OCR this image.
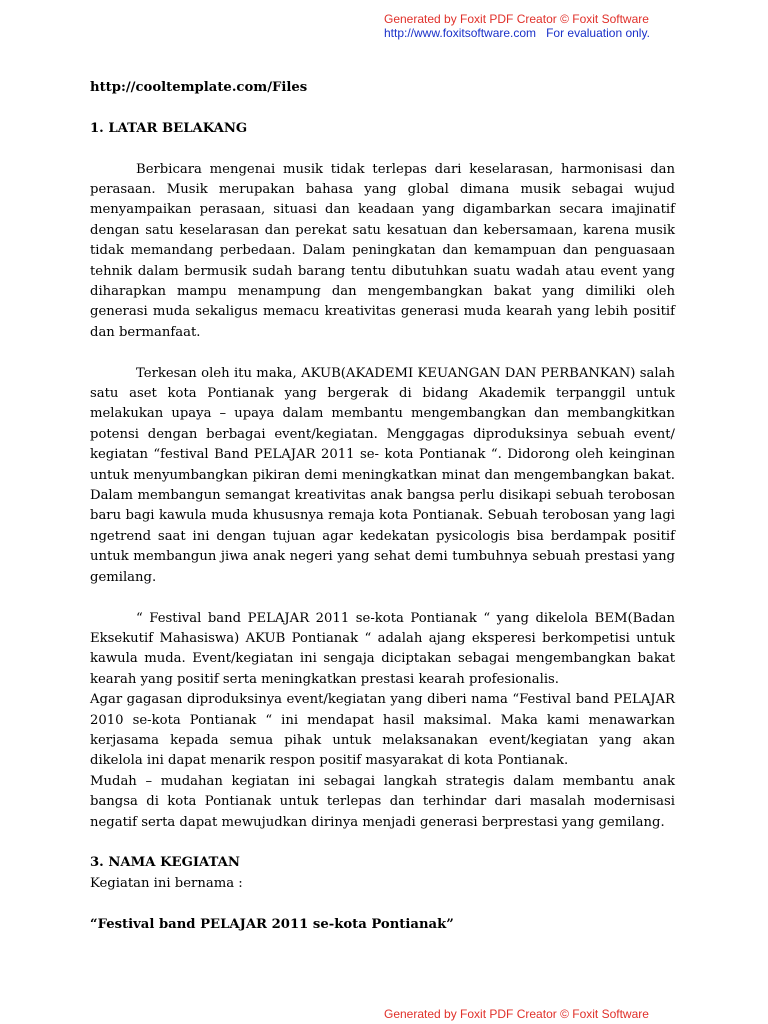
Generated by Foxit PDF Creator © Foxit Software
http://www.foxitsoftware.com For evaluation only.

http://cooltemplate.com/Files

1. LATAR BELAKANG

Berbicara mengenai musik tidak terlepas dari keselarasan, harmonisasi dan perasaan. Musik merupakan bahasa yang global dimana musik sebagai wujud menyampaikan perasaan, situasi dan keadaan yang digambarkan secara imajinatif dengan satu keselarasan dan perekat satu kesatuan dan kebersamaan, karena musik tidak memandang perbedaan. Dalam peningkatan dan kemampuan dan penguasaan tehnik dalam bermusik sudah barang tentu dibutuhkan suatu wadah atau event yang diharapkan mampu menampung dan mengembangkan bakat yang dimiliki oleh generasi muda sekaligus memacu kreativitas generasi muda kearah yang lebih positif dan bermanfaat.

Terkesan oleh itu maka, AKUB(AKADEMI KEUANGAN DAN PERBANKAN) salah satu aset kota Pontianak yang bergerak di bidang Akademik terpanggil untuk melakukan upaya – upaya dalam membantu mengembangkan dan membangkitkan potensi dengan berbagai event/kegiatan. Menggagas diproduksinya sebuah event/ kegiatan “festival Band PELAJAR 2011 se- kota Pontianak “. Didorong oleh keinginan untuk menyumbangkan pikiran demi meningkatkan minat dan mengembangkan bakat. Dalam membangun semangat kreativitas anak bangsa perlu disikapi sebuah terobosan baru bagi kawula muda khususnya remaja kota Pontianak. Sebuah terobosan yang lagi ngetrend saat ini dengan tujuan agar kedekatan pysicologis bisa berdampak positif untuk membangun jiwa anak negeri yang sehat demi tumbuhnya sebuah prestasi yang gemilang.

“ Festival band PELAJAR 2011 se-kota Pontianak “ yang dikelola BEM(Badan Eksekutif Mahasiswa) AKUB Pontianak “ adalah ajang eksperesi berkompetisi untuk kawula muda. Event/kegiatan ini sengaja diciptakan sebagai mengembangkan bakat kearah yang positif serta meningkatkan prestasi kearah profesionalis.

Agar gagasan diproduksinya event/kegiatan yang diberi nama “Festival band PELAJAR 2010 se-kota Pontianak “ ini mendapat hasil maksimal. Maka kami menawarkan kerjasama kepada semua pihak untuk melaksanakan event/kegiatan yang akan dikelola ini dapat menarik respon positif masyarakat di kota Pontianak.

Mudah – mudahan kegiatan ini sebagai langkah strategis dalam membantu anak bangsa di kota Pontianak untuk terlepas dan terhindar dari masalah modernisasi negatif serta dapat mewujudkan dirinya menjadi generasi berprestasi yang gemilang.

3. NAMA KEGIATAN

Kegiatan ini bernama :

“Festival band PELAJAR 2011 se-kota Pontianak”

Generated by Foxit PDF Creator © Foxit Software
